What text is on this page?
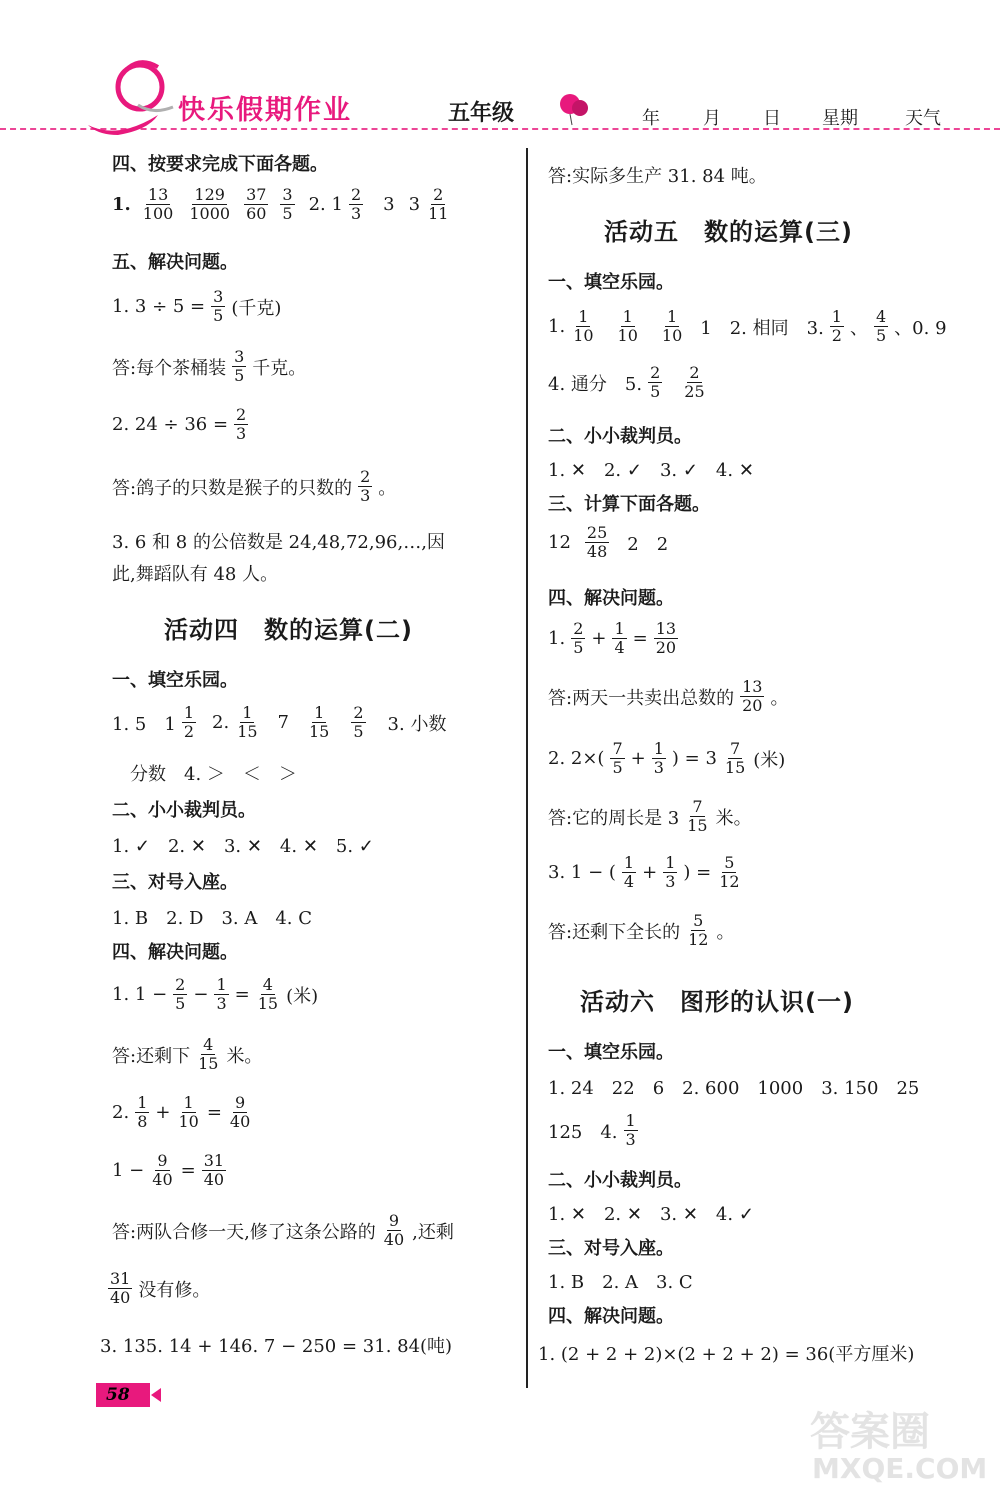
快乐假期作业	五年级	年 月 日 星期	天气
四、按要求完成下面各题。
1. 13
100
129
1000
37
60
3
5 2. 1 2
3 3 3 2
11
五、解决问题。
1. $3 \div 5 = \frac{3}{5}$ (千克)
答:每个茶桶装
3
5 千克。
2. $24 \div 36 = \frac{2}{3}$
答:鸽子的只数是猴子的只数的
2
3 。
3. 6 和 8 的公倍数是 24,48,72,96,…,因
此,舞蹈队有 48 人。
活动四　数的运算(二)
一、填空乐园。
1. 5　1
1
2 2. 1
15 7 1
15
2
5 3. 小数
分数　4. ＞　＜　＞
二、小小裁判员。
1. ✓　2. ✕　3. ✕　4. ✕　5. ✓
三、对号入座。
1. B　2. D　3. A　4. C
四、解决问题。
1. $1 - \frac{2}{5} - \frac{1}{3} = \frac{4}{15}$ (米)
答:还剩下
4
15 米。
2. 1
$8 + \frac{1}{10} = \frac{9}{40}$
$1 - \frac{9}{40} = \frac{31}{40}$
答:两队合修一天,修了这条公路的
9
40 ,还剩
31
40 没有修。
3. 135. 14 + 146. 7 − 250 = 31. 84(吨)
答:实际多生产 31. 84 吨。
活动五　数的运算(三)
一、填空乐园。
1. 1
10
1
10
1
10 1　2. 相同　3.
1
2 、
4
5 、0. 9
4. 通分　5.
2
5
2
25
二、小小裁判员。
1. ✕　2. ✓　3. ✓　4. ✕
三、计算下面各题。
12 25
48 2　2
四、解决问题。
1. 2
$5 + \frac{1}{4} = \frac{13}{20}$
答:两天一共卖出总数的
13
20 。
2. 2×( 7
$5 + \frac{1}{3}$ ) = 3 7
15 (米)
答:它的周长是 3
7
15 米。
3. 1 − ( 1
$4 + \frac{1}{3}$ ) = $\frac{5}{12}$
答:还剩下全长的
5
12 。
活动六　图形的认识(一)
一、填空乐园。
1. 24　22　6　2. 600　1000　3. 150　25
125　4.
1
3
二、小小裁判员。
1. ✕　2. ✕　3. ✕　4. ✓
三、对号入座。
1. B　2. A　3. C
四、解决问题。
1. (2 + 2 + 2)×(2 + 2 + 2) = 36(平方厘米)
58
答案圈
MXQE.COM
